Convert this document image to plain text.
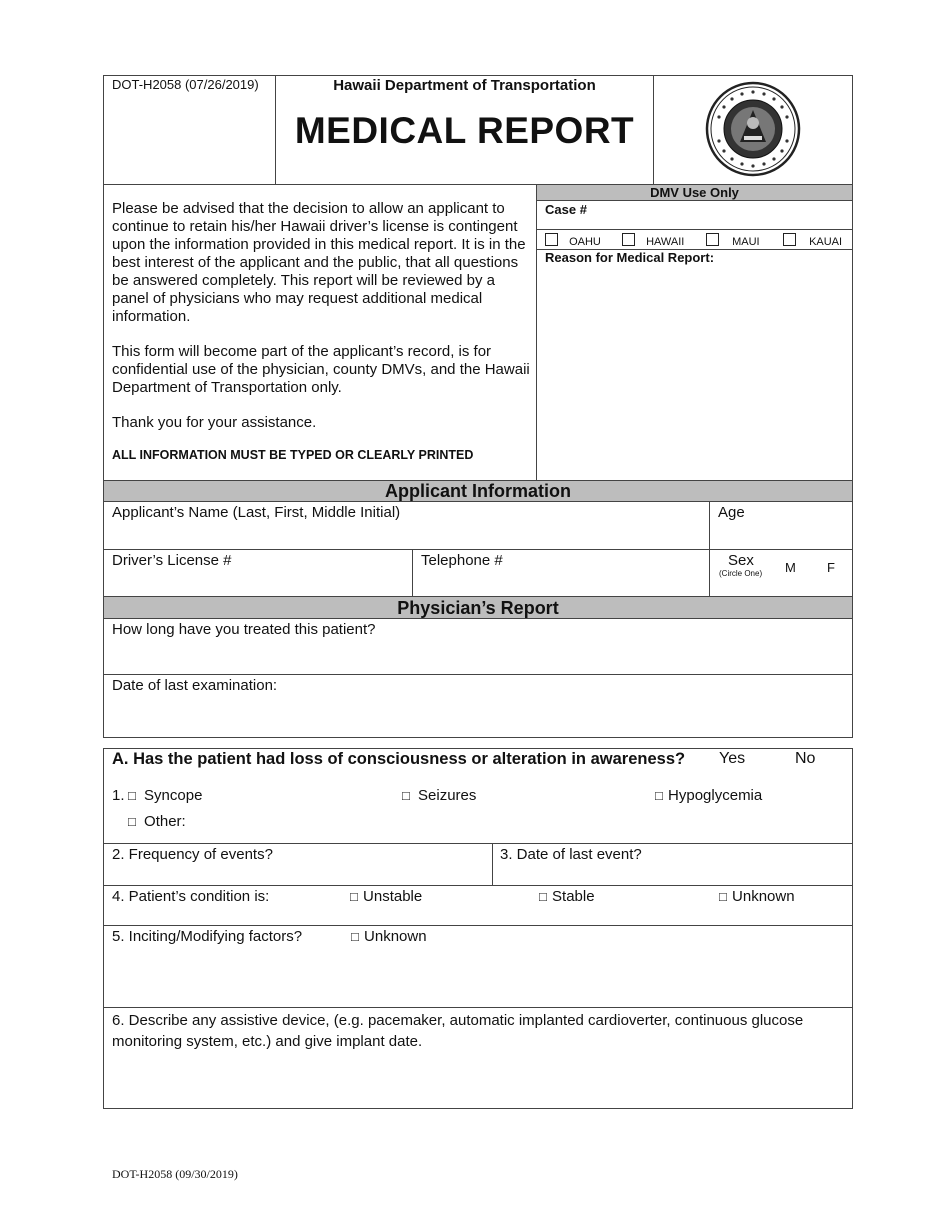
DOT-H2058 (07/26/2019)	Hawaii Department of Transportation
MEDICAL REPORT
Please be advised that the decision to allow an applicant to continue to retain his/her Hawaii driver’s license is contingent upon the information provided in this medical report. It is in the best interest of the applicant and the public, that all questions be answered completely. This report will be reviewed by a panel of physicians who may request additional medical information.
This form will become part of the applicant’s record, is for confidential use of the physician, county DMVs, and the Hawaii Department of Transportation only.
Thank you for your assistance.
ALL INFORMATION MUST BE TYPED OR CLEARLY PRINTED
DMV Use Only
Case #
OAHU	HAWAII	MAUI	KAUAI
Reason for Medical Report:
Applicant Information
Applicant’s Name (Last, First, Middle Initial)	Age
Driver’s License #	Telephone #	Sex
(Circle One) M F
Physician’s Report
How long have you treated this patient?
Date of last examination:
A. Has the patient had loss of consciousness or alteration in awareness? Yes	No
1. □ Syncope	□ Seizures	□ Hypoglycemia
□ Other:
2. Frequency of events?	3. Date of last event?
4. Patient’s condition is:	□ Unstable	□ Stable	□ Unknown
5. Inciting/Modifying factors?	□ Unknown
6. Describe any assistive device, (e.g. pacemaker, automatic implanted cardioverter, continuous glucose monitoring system, etc.) and give implant date.
DOT-H2058 (09/30/2019)
